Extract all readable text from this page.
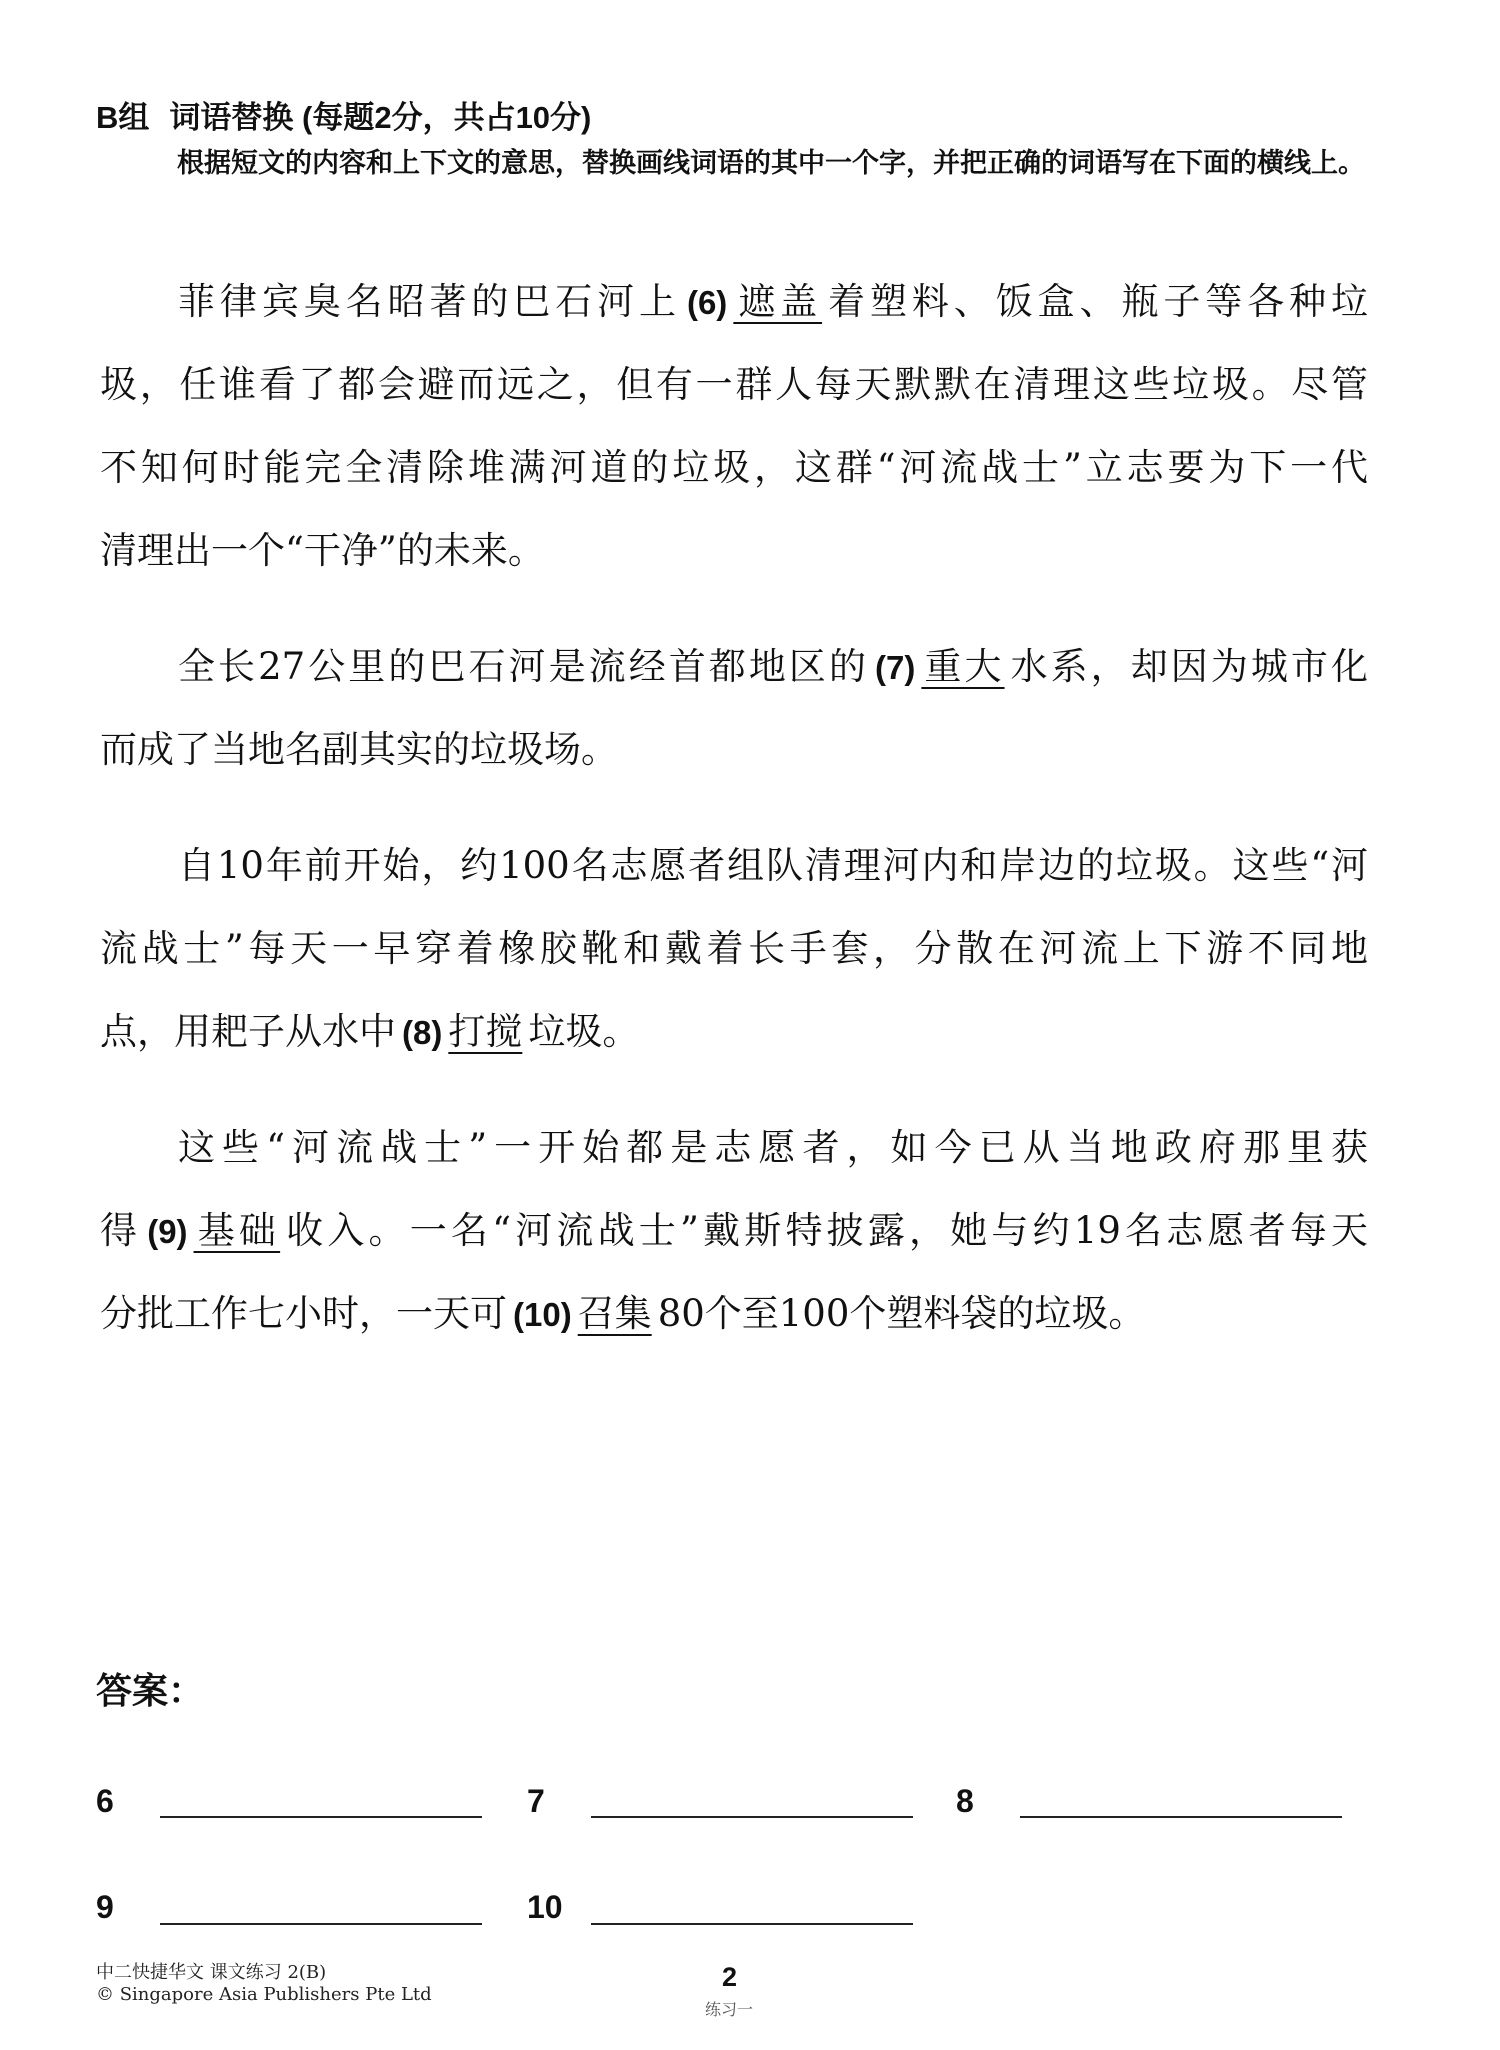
B组 词语替换 (每题2分，共占10分)
根据短文的内容和上下文的意思，替换画线词语的其中一个字，并把正确的词语写在下面的横线上。
菲律宾臭名昭著的巴石河上 (6) 遮盖 着塑料、饭盒、瓶子等各种垃
圾，任谁看了都会避而远之，但有一群人每天默默在清理这些垃圾。尽管
不知何时能完全清除堆满河道的垃圾，这群“河流战士”立志要为下一代
清理出一个“干净”的未来。
全长27公里的巴石河是流经首都地区的 (7) 重大 水系，却因为城市化
而成了当地名副其实的垃圾场。
自10年前开始，约100名志愿者组队清理河内和岸边的垃圾。这些“河
流战士”每天一早穿着橡胶靴和戴着长手套，分散在河流上下游不同地
点，用耙子从水中 (8) 打搅 垃圾。
这些“河流战士”一开始都是志愿者，如今已从当地政府那里获
得 (9) 基础 收入。一名“河流战士”戴斯特披露，她与约19名志愿者每天
分批工作七小时，一天可 (10) 召集 80个至100个塑料袋的垃圾。
答案：
6	7	8
9	10
中二快捷华文 课文练习 2(B)
© Singapore Asia Publishers Pte Ltd
2
练习一
